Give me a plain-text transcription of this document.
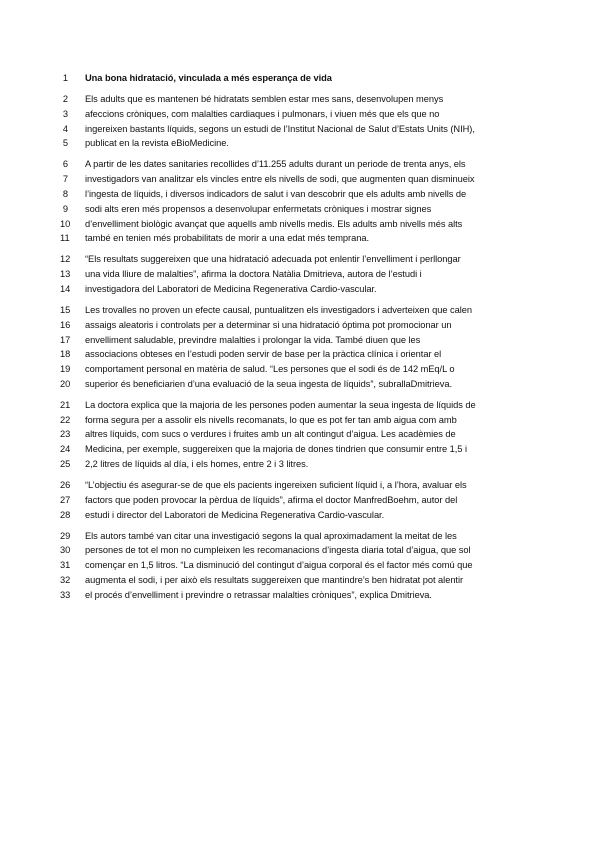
1 Una bona hidratació, vinculada a més esperança de vida
2 Els adults que es mantenen bé hidratats semblen estar mes sans, desenvolupen menys
3 afeccions cròniques, com malalties cardiaques i pulmonars, i viuen més que els que no
4 ingereixen bastants líquids, segons un estudi de l’Institut Nacional de Salut d’Estats Units (NIH),
5 publicat en la revista eBioMedicine.
6 A partir de les dates sanitaries recollides d’11.255 adults durant un periode de trenta anys, els
7 investigadors van analitzar els vincles entre els nivells de sodi, que augmenten quan disminueix
8 l’ingesta de líquids, i diversos indicadors de salut i van descobrir que els adults amb nivells de
9 sodi alts eren més propensos a desenvolupar enfermetats cròniques i mostrar signes
10 d’envelliment biològic avançat que aquells amb nivells medis. Els adults amb nivells més alts
11 també en tenien més probabilitats de morir a una edat més temprana.
12 “Els resultats suggereixen que una hidratació adecuada pot enlentir l’envelliment i perllongar
13 una vida lliure de malalties”, afirma la doctora Natàlia Dmitrieva, autora de l’estudi i
14 investigadora del Laboratori de Medicina Regenerativa Cardio-vascular.
15 Les trovalles no proven un efecte causal, puntualitzen els investigadors i adverteixen que calen
16 assaigs aleatoris i controlats per a determinar si una hidratació óptima pot promocionar un
17 envelliment saludable, previndre malalties i prolongar la vida. També diuen que les
18 associacions obteses en l’estudi poden servir de base per la pràctica clínica i orientar el
19 comportament personal en matèria de salud. “Les persones que el sodi és de 142 mEq/L o
20 superior és beneficiarien d’una evaluació de la seua ingesta de líquids”, subrallaDmitrieva.
21 La doctora explica que la majoria de les persones poden aumentar la seua ingesta de líquids de
22 forma segura per a assolir els nivells recomanats, lo que es pot fer tan amb aigua com amb
23 altres líquids, com sucs o verdures i fruites amb un alt contingut d’aigua. Les acadèmies de
24 Medicina, per exemple, suggereixen que la majoria de dones tindrien que consumir entre 1,5 i
25 2,2 litres de líquids al día, i els homes, entre 2 i 3 litres.
26 “L’objectiu és asegurar-se de que els pacients ingereixen suficient líquid i, a l’hora, avaluar els
27 factors que poden provocar la pèrdua de líquids”, afirma el doctor ManfredBoehm, autor del
28 estudi i director del Laboratori de Medicina Regenerativa Cardio-vascular.
29 Els autors també van citar una investigació segons la qual aproximadament la meitat de les
30 persones de tot el mon no cumpleixen les recomanacions d’ingesta diaria total d’aigua, que sol
31 començar en 1,5 litros. “La disminució del contingut d’aigua corporal és el factor més comú que
32 augmenta el sodi, i per això els resultats suggereixen que mantindre’s ben hidratat pot alentir
33 el procés d’envelliment i previndre o retrassar malalties cròniques”, explica Dmitrieva.
